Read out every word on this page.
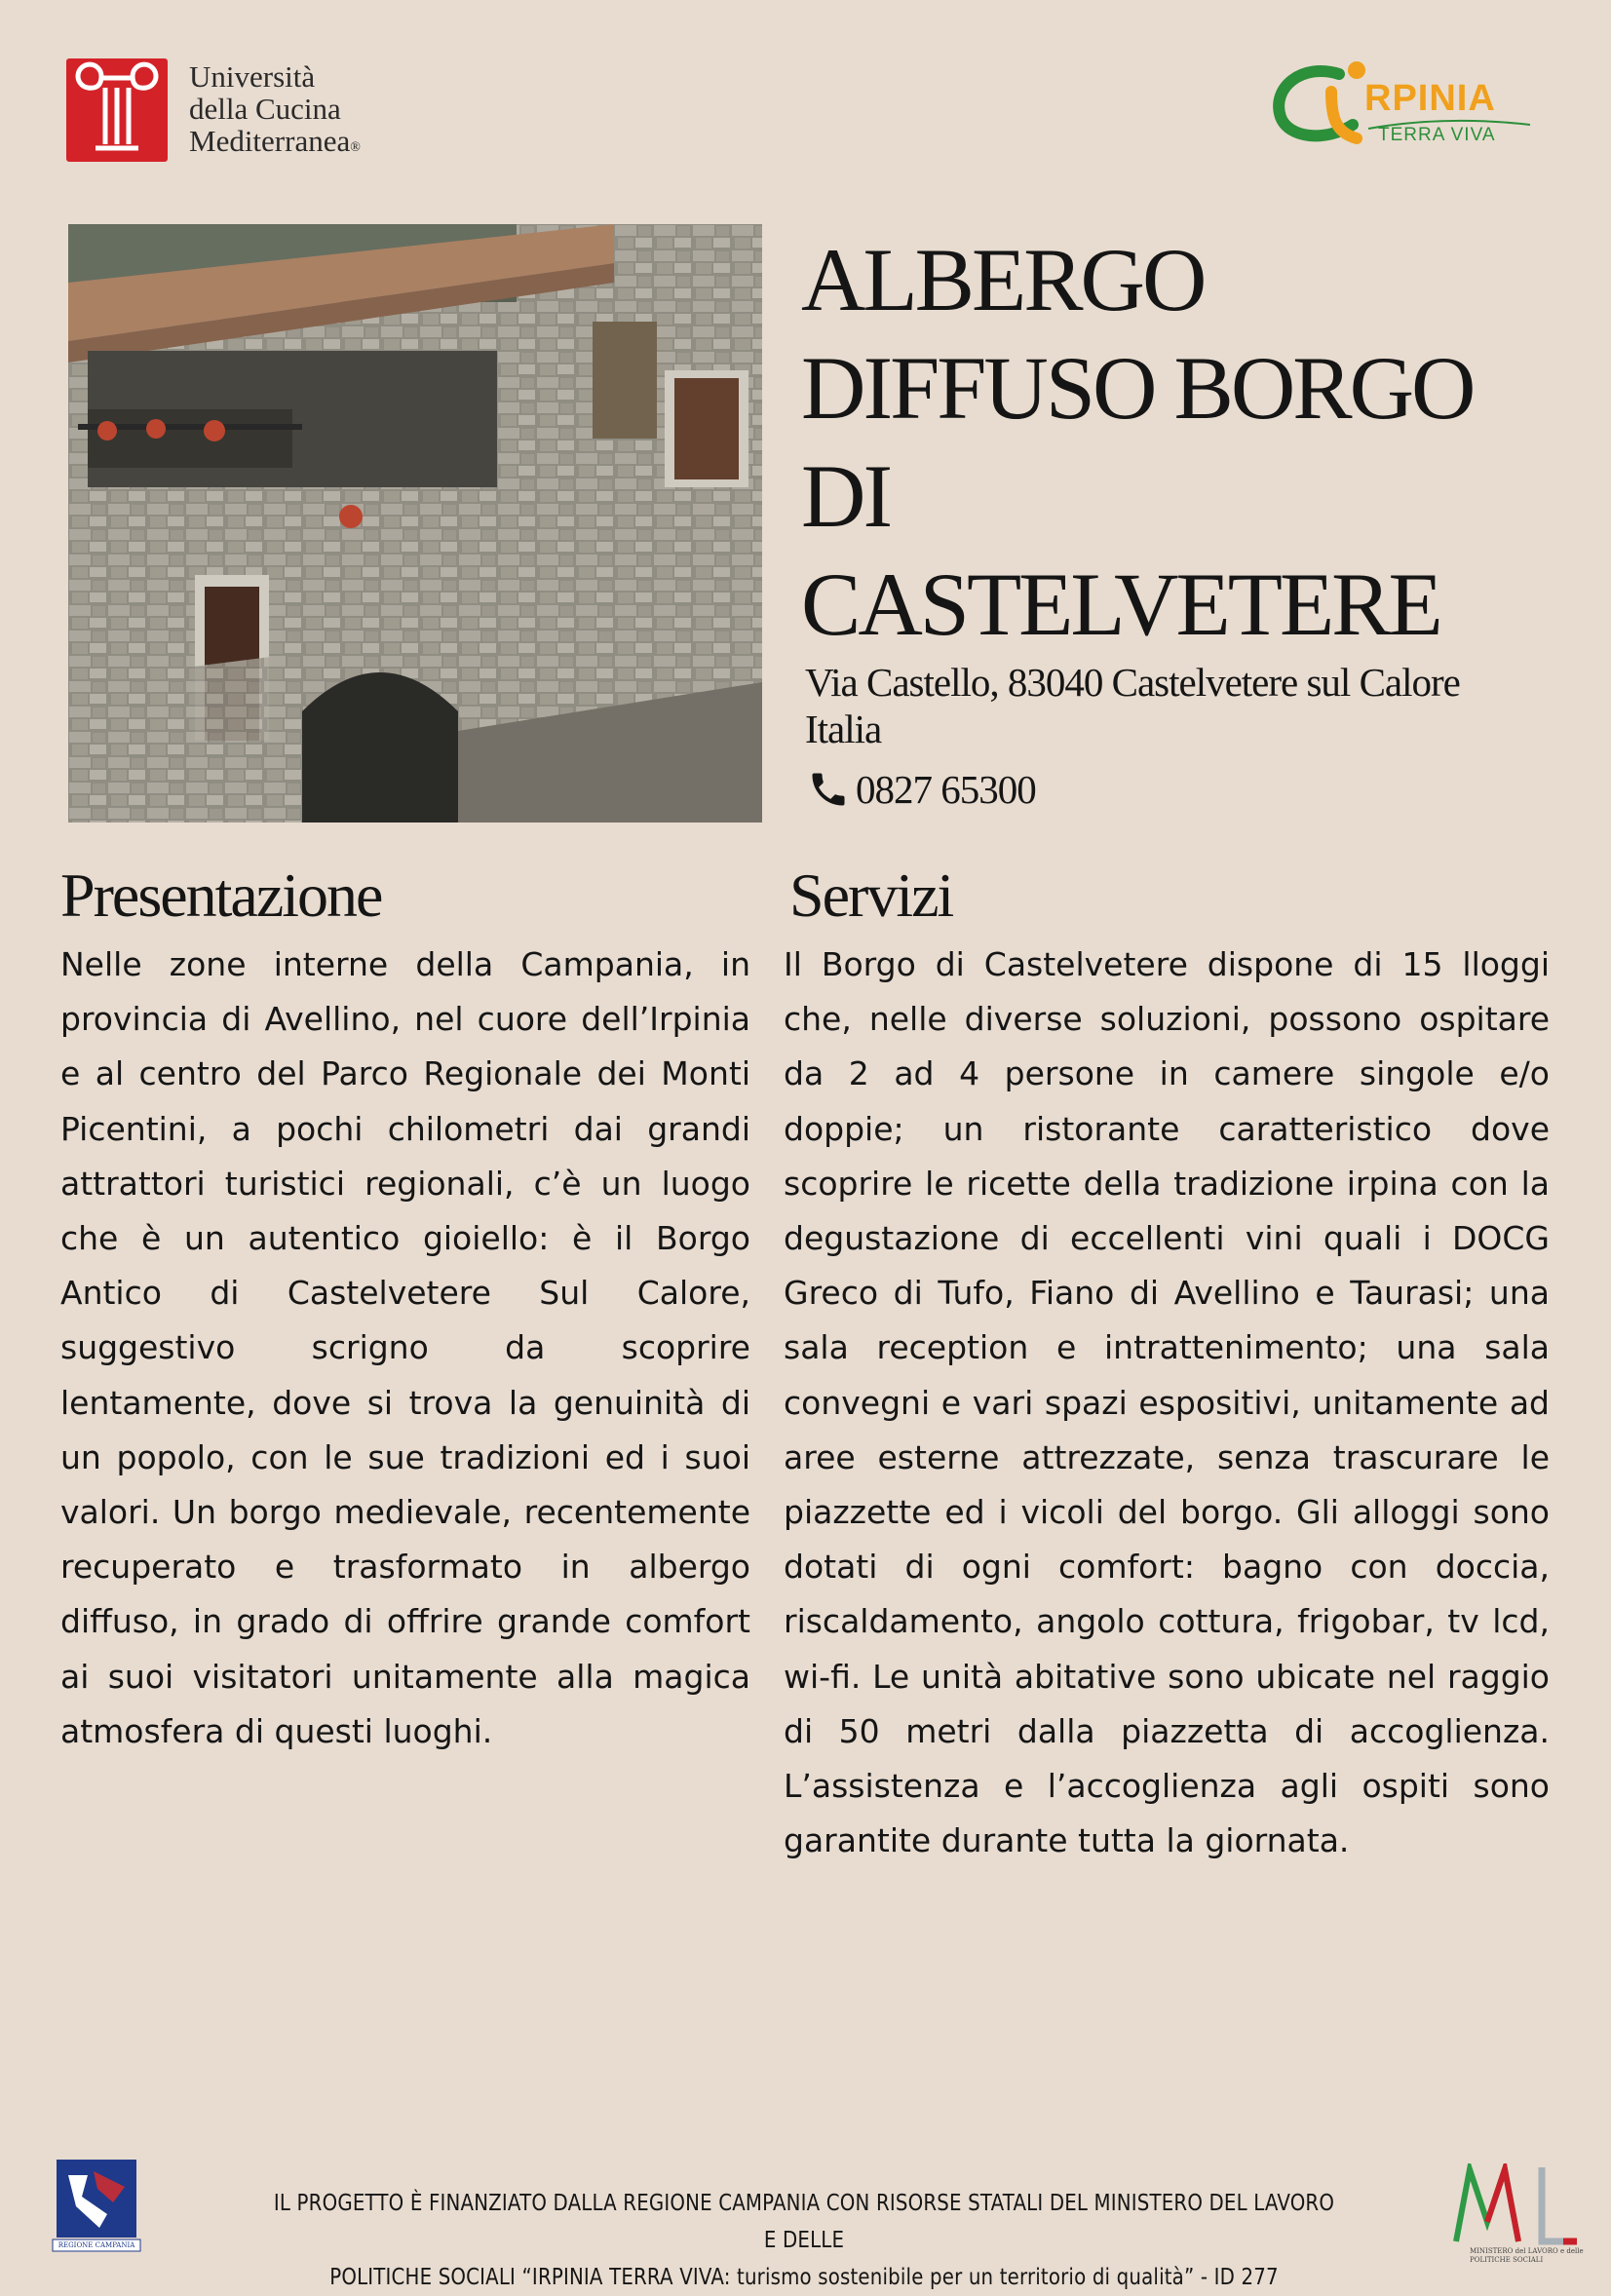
Università
della Cucina
Mediterranea®
RPINIA
TERRA VIVA
ALBERGO
DIFFUSO BORGO
DI
CASTELVETERE
Via Castello, 83040 Castelvetere sul Calore
Italia
0827 65300
Presentazione

Nelle zone interne della Campania, in provincia di Avellino, nel cuore dell’Irpinia e al centro del Parco Regionale dei Monti Picentini, a pochi chilometri dai grandi attrattori turistici regionali, c’è un luogo che è un autentico gioiello: è il Borgo Antico di Castelvetere Sul Calore, suggestivo scrigno da scoprire lentamente, dove si trova la genuinità di un popolo, con le sue tradizioni ed i suoi valori. Un borgo medievale, recentemente recuperato e trasformato in albergo diffuso, in grado di offrire grande comfort ai suoi visitatori unitamente alla magica atmosfera di questi luoghi.

Servizi

Il Borgo di Castelvetere dispone di 15 lloggi che, nelle diverse soluzioni, possono ospitare da 2 ad 4 persone in camere singole e/o doppie; un ristorante caratteristico dove scoprire le ricette della tradizione irpina con la degustazione di eccellenti vini quali i DOCG Greco di Tufo, Fiano di Avellino e Taurasi; una sala reception e intrattenimento; una sala convegni e vari spazi espositivi, unitamente ad aree esterne attrezzate, senza trascurare le piazzette ed i vicoli del borgo. Gli alloggi sono dotati di ogni comfort: bagno con doccia, riscaldamento, angolo cottura, frigobar, tv lcd, wi-fi. Le unità abitative sono ubicate nel raggio di 50 metri dalla piazzetta di accoglienza. L’assistenza e l’accoglienza agli ospiti sono garantite durante tutta la giornata.

REGIONE CAMPANIA
IL PROGETTO È FINANZIATO DALLA REGIONE CAMPANIA CON RISORSE STATALI DEL MINISTERO DEL LAVORO E DELLE
POLITICHE SOCIALI “IRPINIA TERRA VIVA: turismo sostenibile per un territorio di qualità” - ID 277
MINISTERO del LAVORO e delle POLITICHE SOCIALI
